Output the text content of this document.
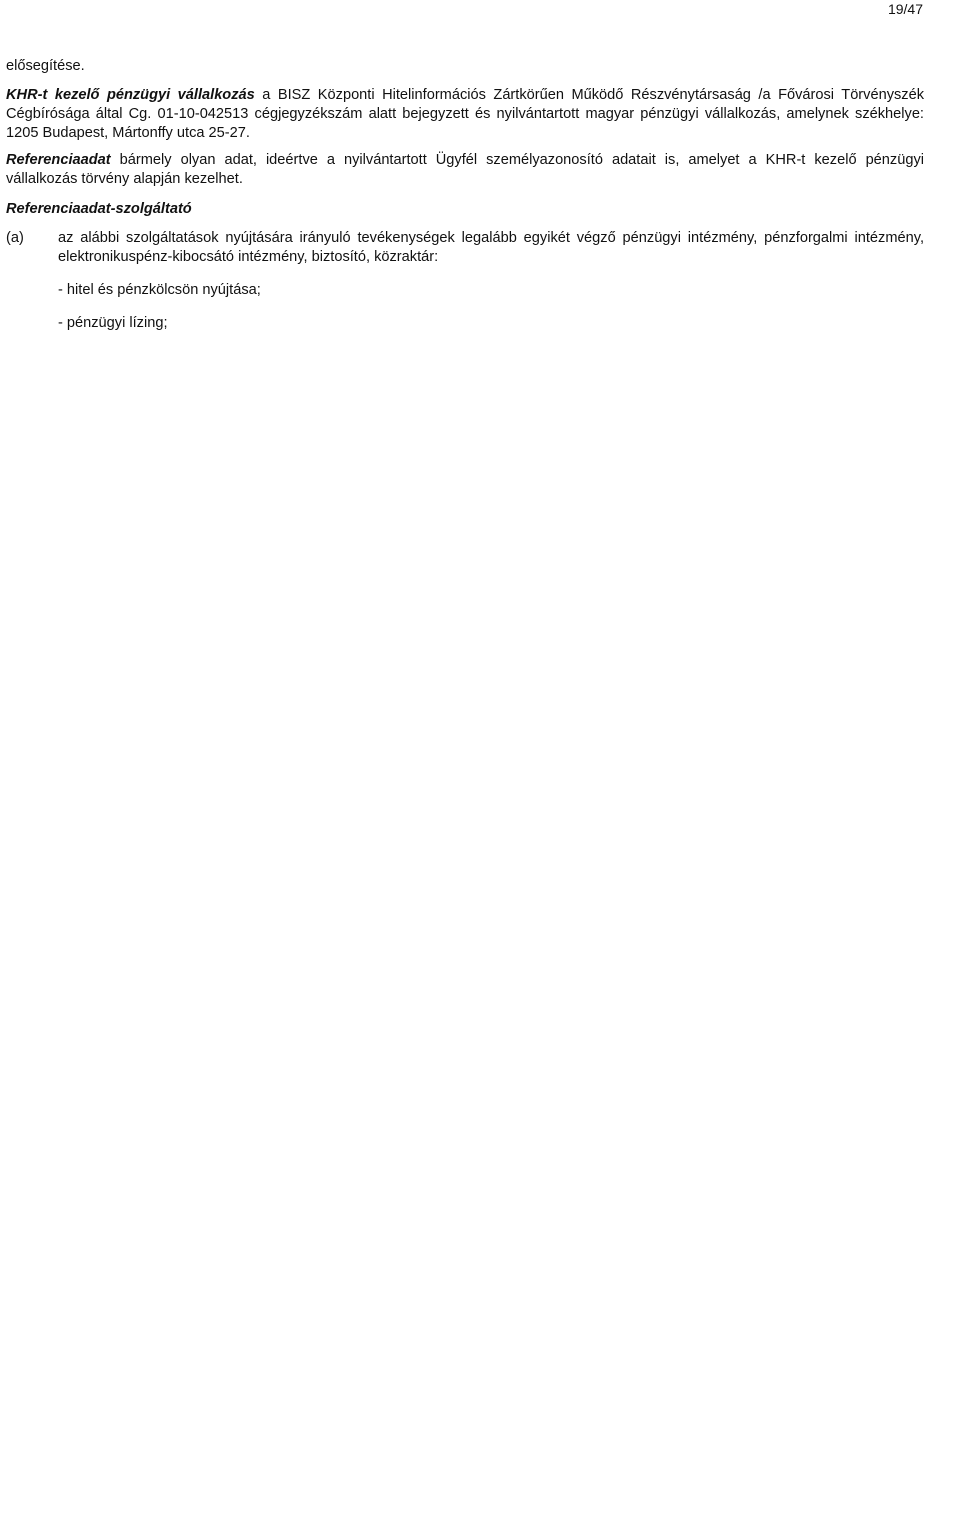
19/47

elősegítése.

KHR-t kezelő pénzügyi vállalkozás a BISZ Központi Hitelinformációs Zártkörűen Működő Részvénytársaság /a Fővárosi Törvényszék Cégbírósága által Cg. 01-10-042513 cégjegyzékszám alatt bejegyzett és nyilvántartott magyar pénzügyi vállalkozás, amelynek székhelye: 1205 Budapest, Mártonffy utca 25-27.

Referenciaadat bármely olyan adat, ideértve a nyilvántartott Ügyfél személyazonosító adatait is, amelyet a KHR-t kezelő pénzügyi vállalkozás törvény alapján kezelhet.

Referenciaadat-szolgáltató

(a) az alábbi szolgáltatások nyújtására irányuló tevékenységek legalább egyikét végző pénzügyi intézmény, pénzforgalmi intézmény, elektronikuspénz-kibocsátó intézmény, biztosító, közraktár:

- hitel és pénzkölcsön nyújtása;

- pénzügyi lízing;
